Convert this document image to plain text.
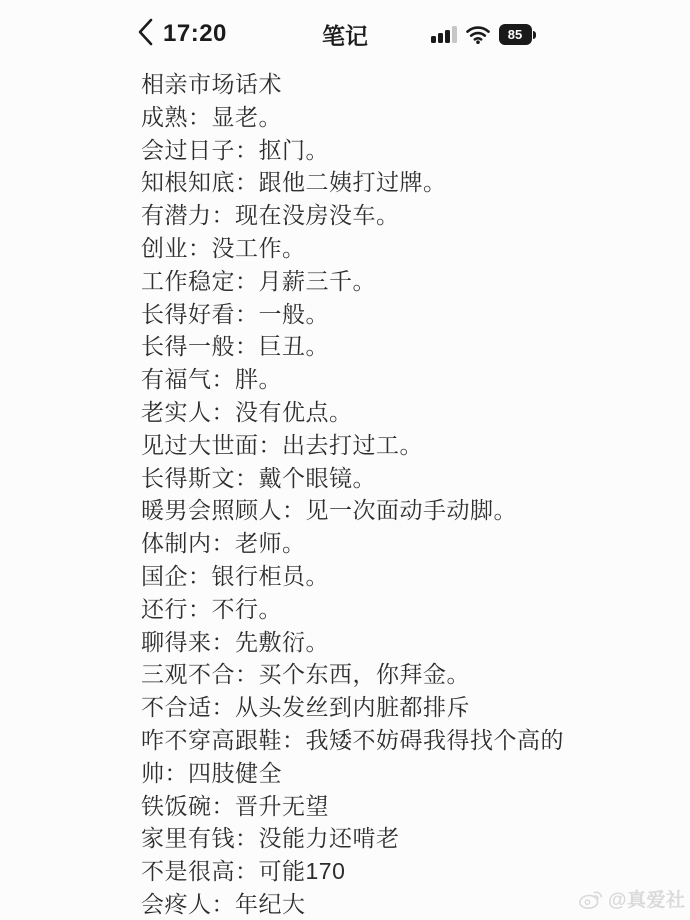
17:20	笔记	85
相亲市场话术
成熟：显老。
会过日子：抠门。
知根知底：跟他二姨打过牌。
有潜力：现在没房没车。
创业：没工作。
工作稳定：月薪三千。
长得好看：一般。
长得一般：巨丑。
有福气：胖。
老实人：没有优点。
见过大世面：出去打过工。
长得斯文：戴个眼镜。
暖男会照顾人：见一次面动手动脚。
体制内：老师。
国企：银行柜员。
还行：不行。
聊得来：先敷衍。
三观不合：买个东西，你拜金。
不合适：从头发丝到内脏都排斥
咋不穿高跟鞋：我矮不妨碍我得找个高的
帅：四肢健全
铁饭碗：晋升无望
家里有钱：没能力还啃老
不是很高：可能170
会疼人：年纪大	@真爱社
